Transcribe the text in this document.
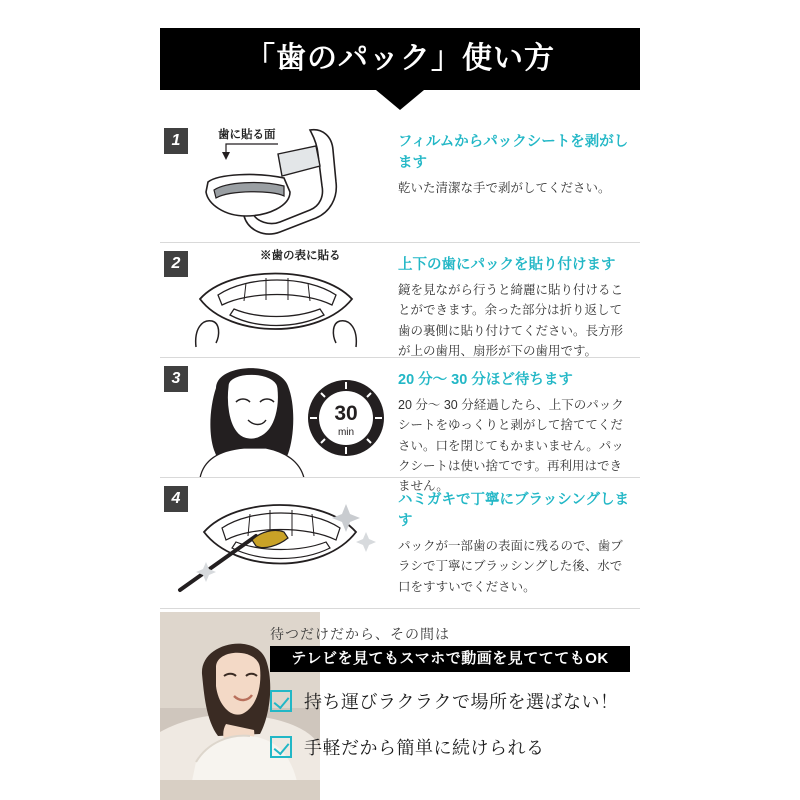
「歯のパック」使い方
1	歯に貼る面	フィルムからパックシートを剥がします
乾いた清潔な手で剥がしてください。
2	※歯の表に貼る
上下の歯にパックを貼り付けます
鏡を見ながら行うと綺麗に貼り付けることができます。余った部分は折り返して歯の裏側に貼り付けてください。長方形が上の歯用、扇形が下の歯用です。
3
30
min
20 分〜 30 分ほど待ちます
20 分〜 30 分経過したら、上下のパックシートをゆっくりと剥がして捨ててください。口を閉じてもかまいません。パックシートは使い捨てです。再利用はできません。
4	ハミガキで丁寧にブラッシングします
パックが一部歯の表面に残るので、歯ブラシで丁寧にブラッシングした後、水で口をすすいでください。
待つだけだから、その間は
テレビを見てもスマホで動画を見てててもOK
持ち運びラクラクで場所を選ばない！
手軽だから簡単に続けられる
